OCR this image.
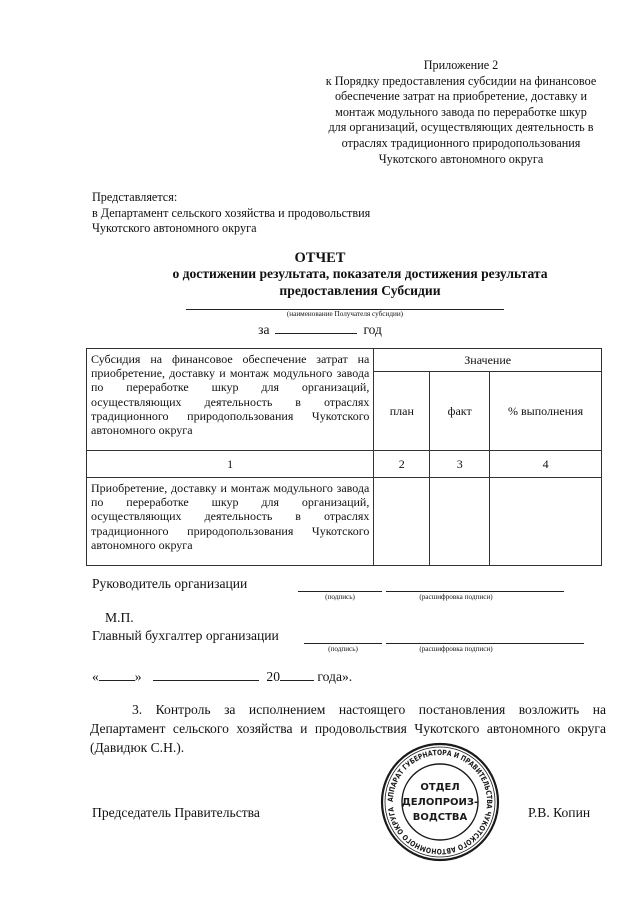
Приложение 2
к Порядку предоставления субсидии на финансовое
обеспечение затрат на приобретение, доставку и
монтаж модульного завода по переработке шкур
для организаций, осуществляющих деятельность в
отраслях традиционного природопользования
Чукотского автономного округа
Представляется:
в Департамент сельского хозяйства и продовольствия
Чукотского автономного округа
ОТЧЕТ
о достижении результата, показателя достижения результата
предоставления Субсидии
(наименование Получателя субсидии)
за	год
Субсидия на финансовое обеспечение затрат на приобретение, доставку и монтаж модульного завода по переработке шкур для организаций, осуществляющих деятельность в отраслях традиционного природопользования Чукотского автономного округа	Значение		
	план	факт	% выполнения
1	2	3	4
Приобретение, доставку и монтаж модульного завода по переработке шкур для организаций, осуществляющих деятельность в отраслях традиционного природопользования Чукотского автономного округа			
Руководитель организации
(подпись)	(расшифровка подписи)
М.П.
Главный бухгалтер организации
(подпись)	(расшифровка подписи)
«	»	20	года».
3. Контроль за исполнением настоящего постановления возложить на Департамент сельского хозяйства и продовольствия Чукотского автономного округа (Давидюк С.Н.).
Председатель Правительства	Р.В. Копин
АППАРАТ ГУБЕРНАТОРА И ПРАВИТЕЛЬСТВА ЧУКОТСКОГО АВТОНОМНОГО ОКРУГА
ОТДЕЛ
ДЕЛОПРОИЗ-
ВОДСТВА
